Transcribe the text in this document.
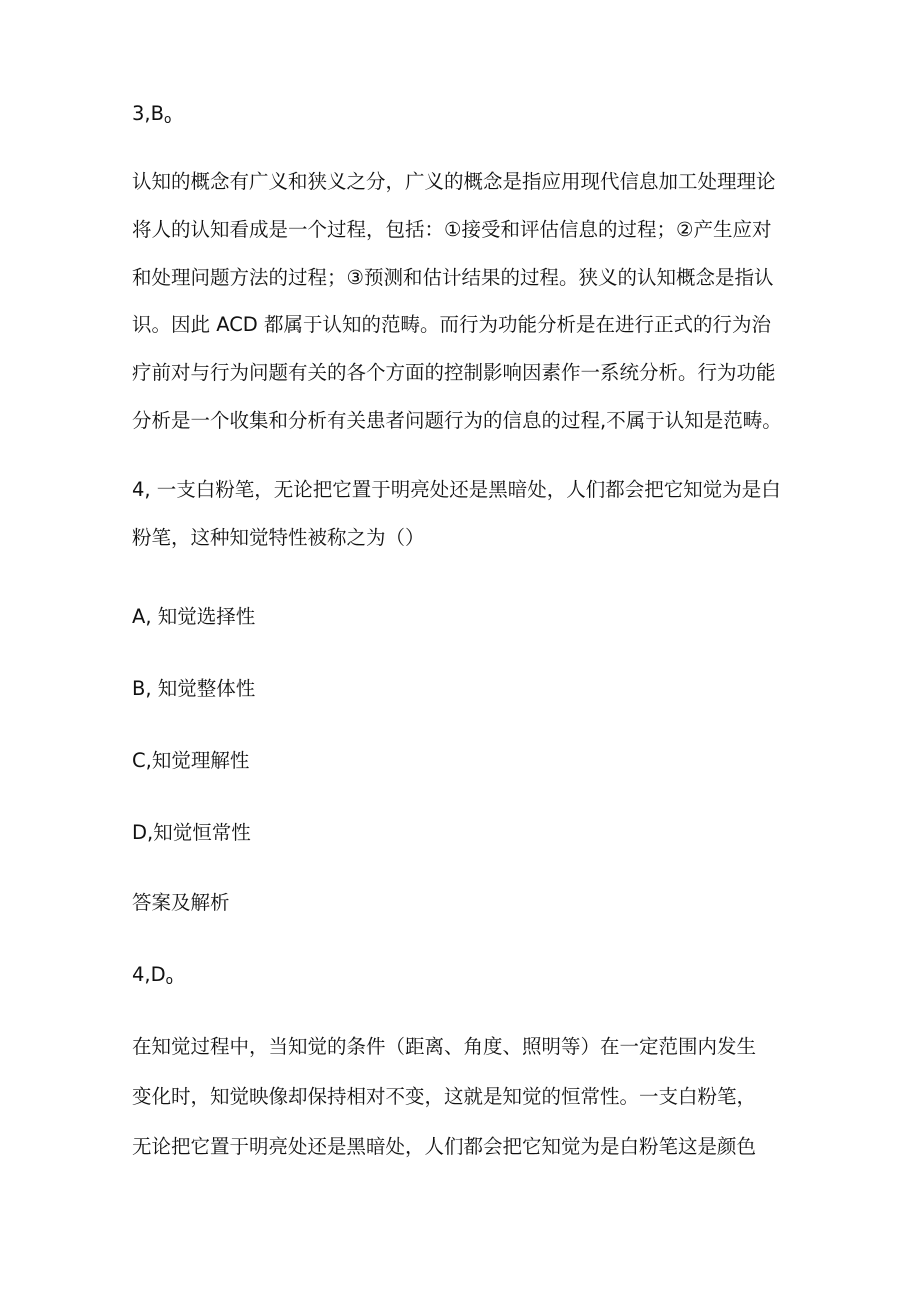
$3,B_o$
认知的概念有广义和狭义之分，广义的概念是指应用现代信息加工处理理论
将人的认知看成是一个过程，包括：①接受和评估信息的过程；②产生应对
和处理问题方法的过程；③预测和估计结果的过程。狭义的认知概念是指认
识。因此 ACD 都属于认知的范畴。而行为功能分析是在进行正式的行为治
疗前对与行为问题有关的各个方面的控制影响因素作一系统分析。行为功能
分析是一个收集和分析有关患者问题行为的信息的过程,不属于认知是范畴。
4, 一支白粉笔，无论把它置于明亮处还是黑暗处，人们都会把它知觉为是白
粉笔，这种知觉特性被称之为（）
A, 知觉选择性
B, 知觉整体性
C,知觉理解性
D,知觉恒常性
答案及解析
$4,D_o$
在知觉过程中，当知觉的条件（距离、角度、照明等）在一定范围内发生
变化时，知觉映像却保持相对不变，这就是知觉的恒常性。一支白粉笔，
无论把它置于明亮处还是黑暗处，人们都会把它知觉为是白粉笔这是颜色
